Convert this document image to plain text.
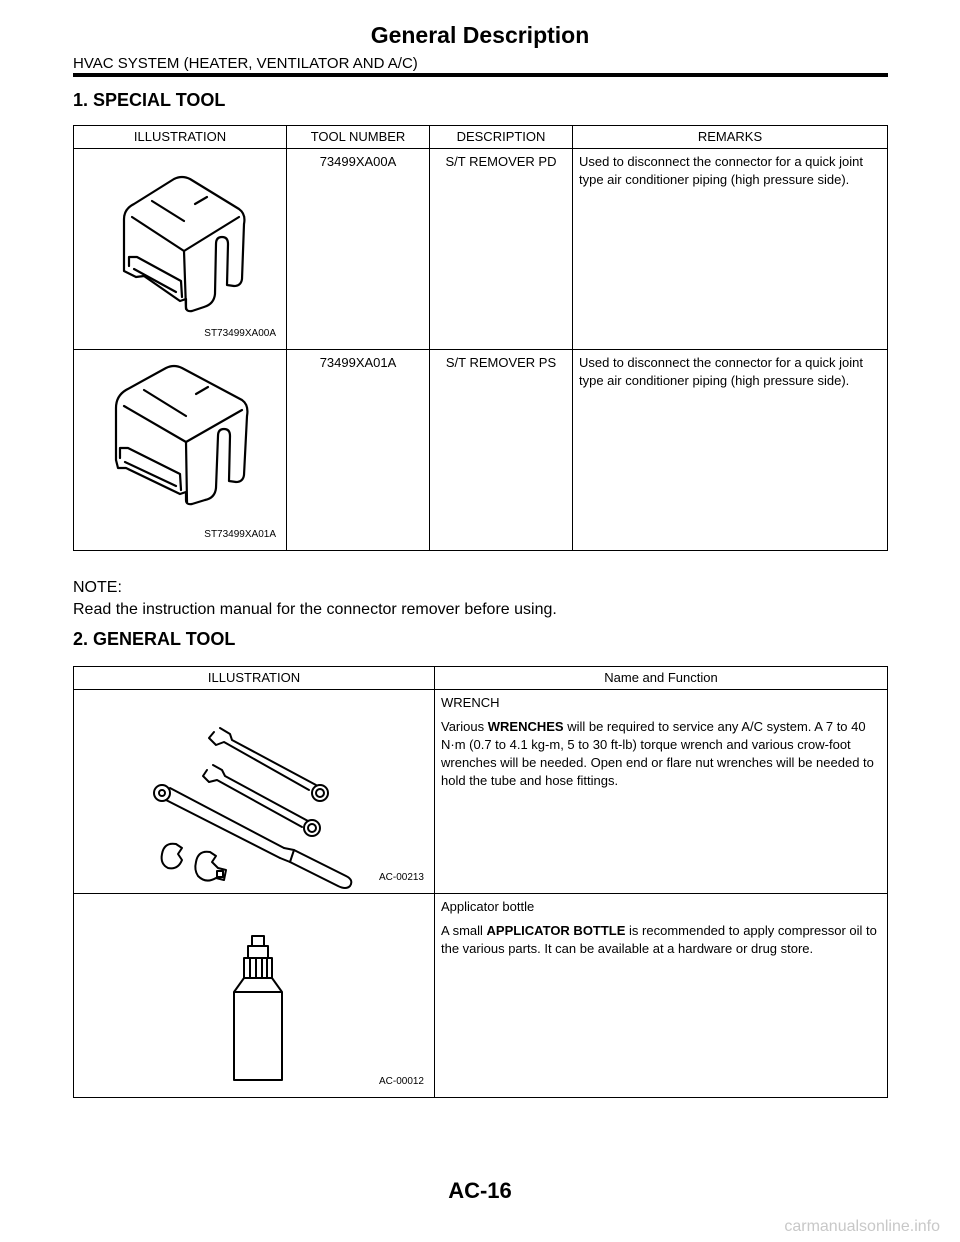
General Description
HVAC SYSTEM (HEATER, VENTILATOR AND A/C)
1. SPECIAL TOOL
ILLUSTRATION	TOOL NUMBER	DESCRIPTION	REMARKS

ST73499XA00A	73499XA00A	S/T REMOVER PD	Used to disconnect the connector for a quick joint type air conditioner piping (high pressure side).

ST73499XA01A	73499XA01A	S/T REMOVER PS	Used to disconnect the connector for a quick joint type air conditioner piping (high pressure side).
NOTE:
Read the instruction manual for the connector remover before using.
2. GENERAL TOOL
ILLUSTRATION	Name and Function

AC-00213	WRENCH
Various WRENCHES will be required to service any A/C system. A 7 to 40 N·m (0.7 to 4.1 kg-m, 5 to 30 ft-lb) torque wrench and various crow-foot wrenches will be needed. Open end or flare nut wrenches will be needed to hold the tube and hose fittings.

AC-00012	Applicator bottle
A small APPLICATOR BOTTLE is recommended to apply compressor oil to the various parts. It can be available at a hardware or drug store.
AC-16
carmanualsonline.info
